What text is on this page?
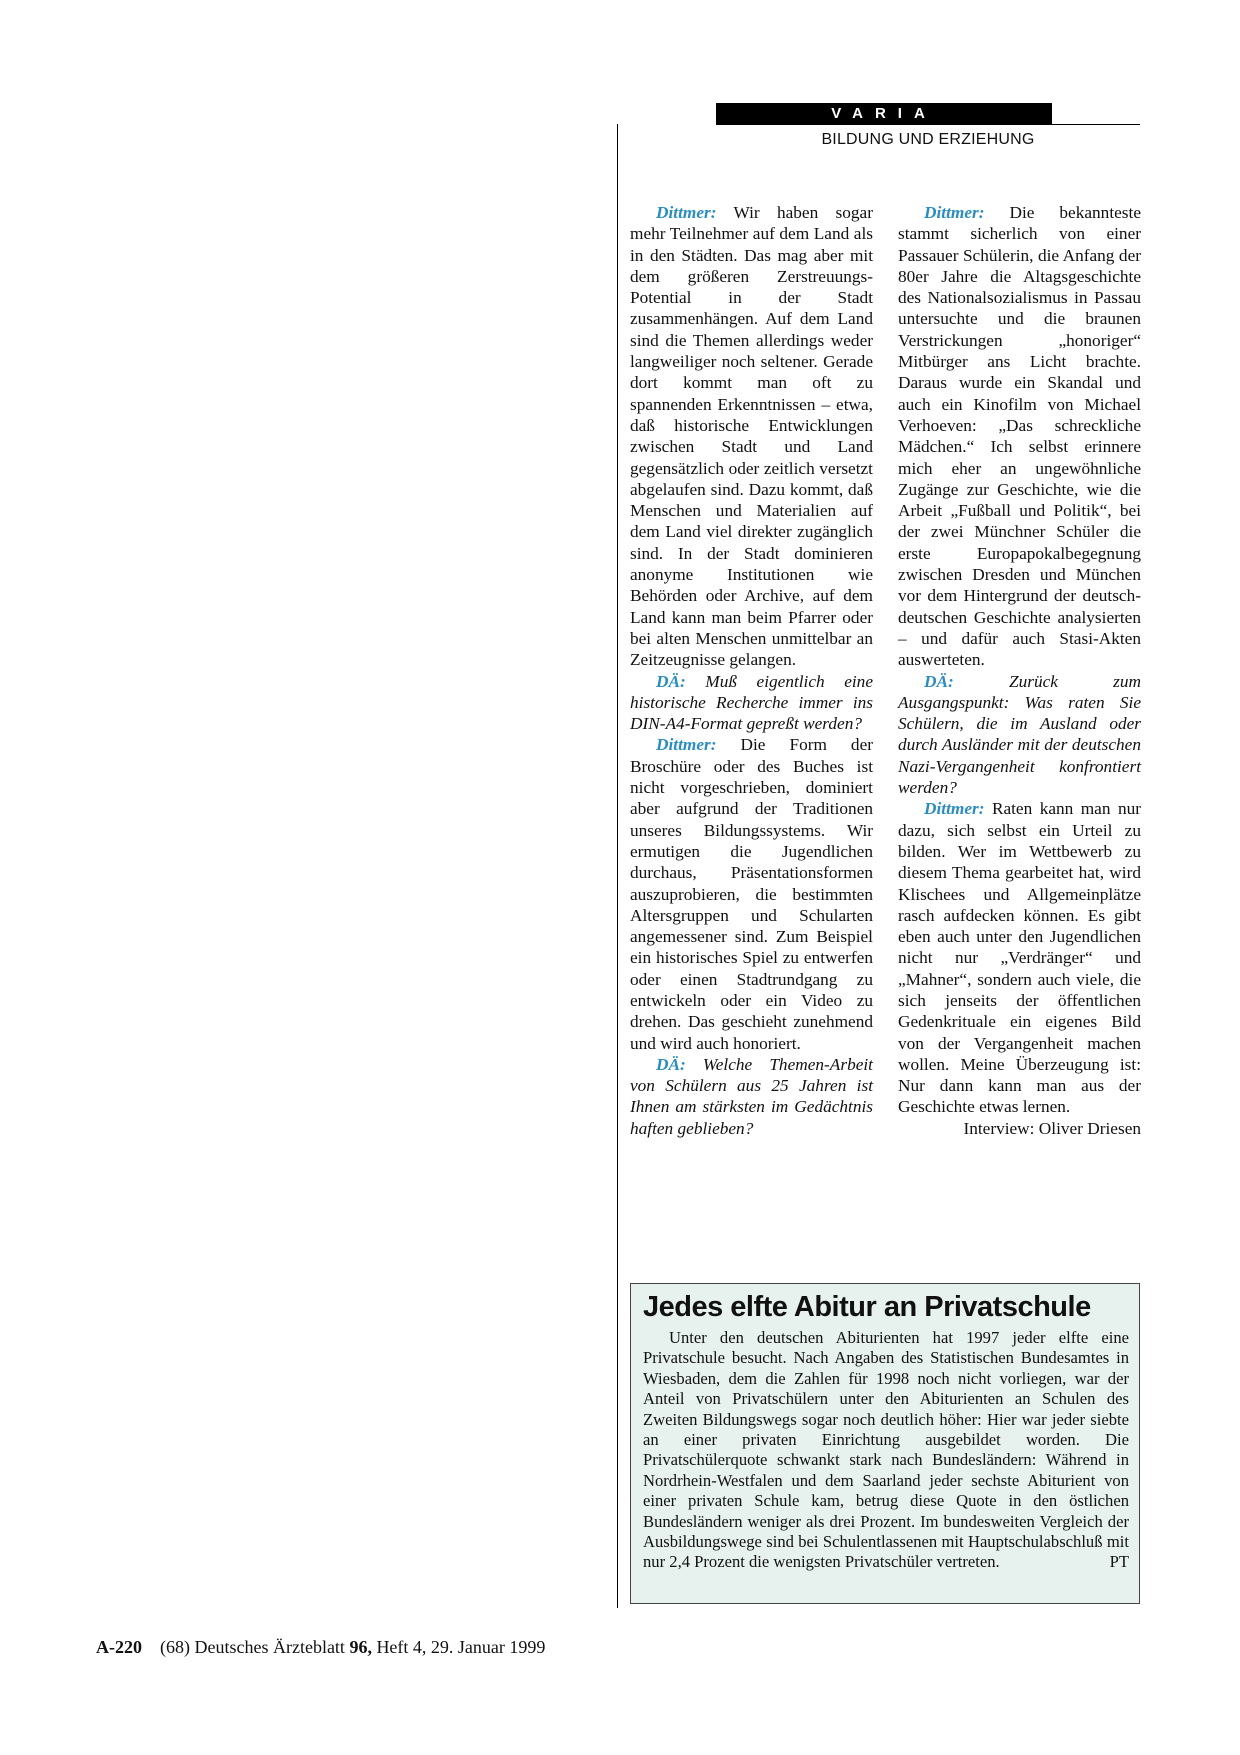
VARIA
BILDUNG UND ERZIEHUNG

Dittmer: Wir haben sogar mehr Teilnehmer auf dem Land als in den Städten. Das mag aber mit dem größeren Zerstreuungs-Potential in der Stadt zusammenhängen. Auf dem Land sind die Themen allerdings weder langweiliger noch seltener. Gerade dort kommt man oft zu spannenden Erkenntnissen – etwa, daß historische Entwicklungen zwischen Stadt und Land gegensätzlich oder zeitlich versetzt abgelaufen sind. Dazu kommt, daß Menschen und Materialien auf dem Land viel direkter zugänglich sind. In der Stadt dominieren anonyme Institutionen wie Behörden oder Archive, auf dem Land kann man beim Pfarrer oder bei alten Menschen unmittelbar an Zeitzeugnisse gelangen.

DÄ: Muß eigentlich eine historische Recherche immer ins DIN-A4-Format gepreßt werden?

Dittmer: Die Form der Broschüre oder des Buches ist nicht vorgeschrieben, dominiert aber aufgrund der Traditionen unseres Bildungssystems. Wir ermutigen die Jugendlichen durchaus, Präsentationsformen auszuprobieren, die bestimmten Altersgruppen und Schularten angemessener sind. Zum Beispiel ein historisches Spiel zu entwerfen oder einen Stadtrundgang zu entwickeln oder ein Video zu drehen. Das geschieht zunehmend und wird auch honoriert.

DÄ: Welche Themen-Arbeit von Schülern aus 25 Jahren ist Ihnen am stärksten im Gedächtnis haften geblieben?

Dittmer: Die bekannteste stammt sicherlich von einer Passauer Schülerin, die Anfang der 80er Jahre die Altagsgeschichte des Nationalsozialismus in Passau untersuchte und die braunen Verstrickungen „honoriger“ Mitbürger ans Licht brachte. Daraus wurde ein Skandal und auch ein Kinofilm von Michael Verhoeven: „Das schreckliche Mädchen.“ Ich selbst erinnere mich eher an ungewöhnliche Zugänge zur Geschichte, wie die Arbeit „Fußball und Politik“, bei der zwei Münchner Schüler die erste Europapokalbegegnung zwischen Dresden und München vor dem Hintergrund der deutsch-deutschen Geschichte analysierten – und dafür auch Stasi-Akten auswerteten.

DÄ: Zurück zum Ausgangspunkt: Was raten Sie Schülern, die im Ausland oder durch Ausländer mit der deutschen Nazi-Vergangenheit konfrontiert werden?

Dittmer: Raten kann man nur dazu, sich selbst ein Urteil zu bilden. Wer im Wettbewerb zu diesem Thema gearbeitet hat, wird Klischees und Allgemeinplätze rasch aufdecken können. Es gibt eben auch unter den Jugendlichen nicht nur „Verdränger“ und „Mahner“, sondern auch viele, die sich jenseits der öffentlichen Gedenkrituale ein eigenes Bild von der Vergangenheit machen wollen. Meine Überzeugung ist: Nur dann kann man aus der Geschichte etwas lernen.

Interview: Oliver Driesen

Jedes elfte Abitur an Privatschule

Unter den deutschen Abiturienten hat 1997 jeder elfte eine Privatschule besucht. Nach Angaben des Statistischen Bundesamtes in Wiesbaden, dem die Zahlen für 1998 noch nicht vorliegen, war der Anteil von Privatschülern unter den Abiturienten an Schulen des Zweiten Bildungswegs sogar noch deutlich höher: Hier war jeder siebte an einer privaten Einrichtung ausgebildet worden. Die Privatschülerquote schwankt stark nach Bundesländern: Während in Nordrhein-Westfalen und dem Saarland jeder sechste Abiturient von einer privaten Schule kam, betrug diese Quote in den östlichen Bundesländern weniger als drei Prozent. Im bundesweiten Vergleich der Ausbildungswege sind bei Schulentlassenen mit Hauptschulabschluß mit nur 2,4 Prozent die wenigsten Privatschüler vertreten.	PT

A-220 (68) Deutsches Ärzteblatt 96, Heft 4, 29. Januar 1999
